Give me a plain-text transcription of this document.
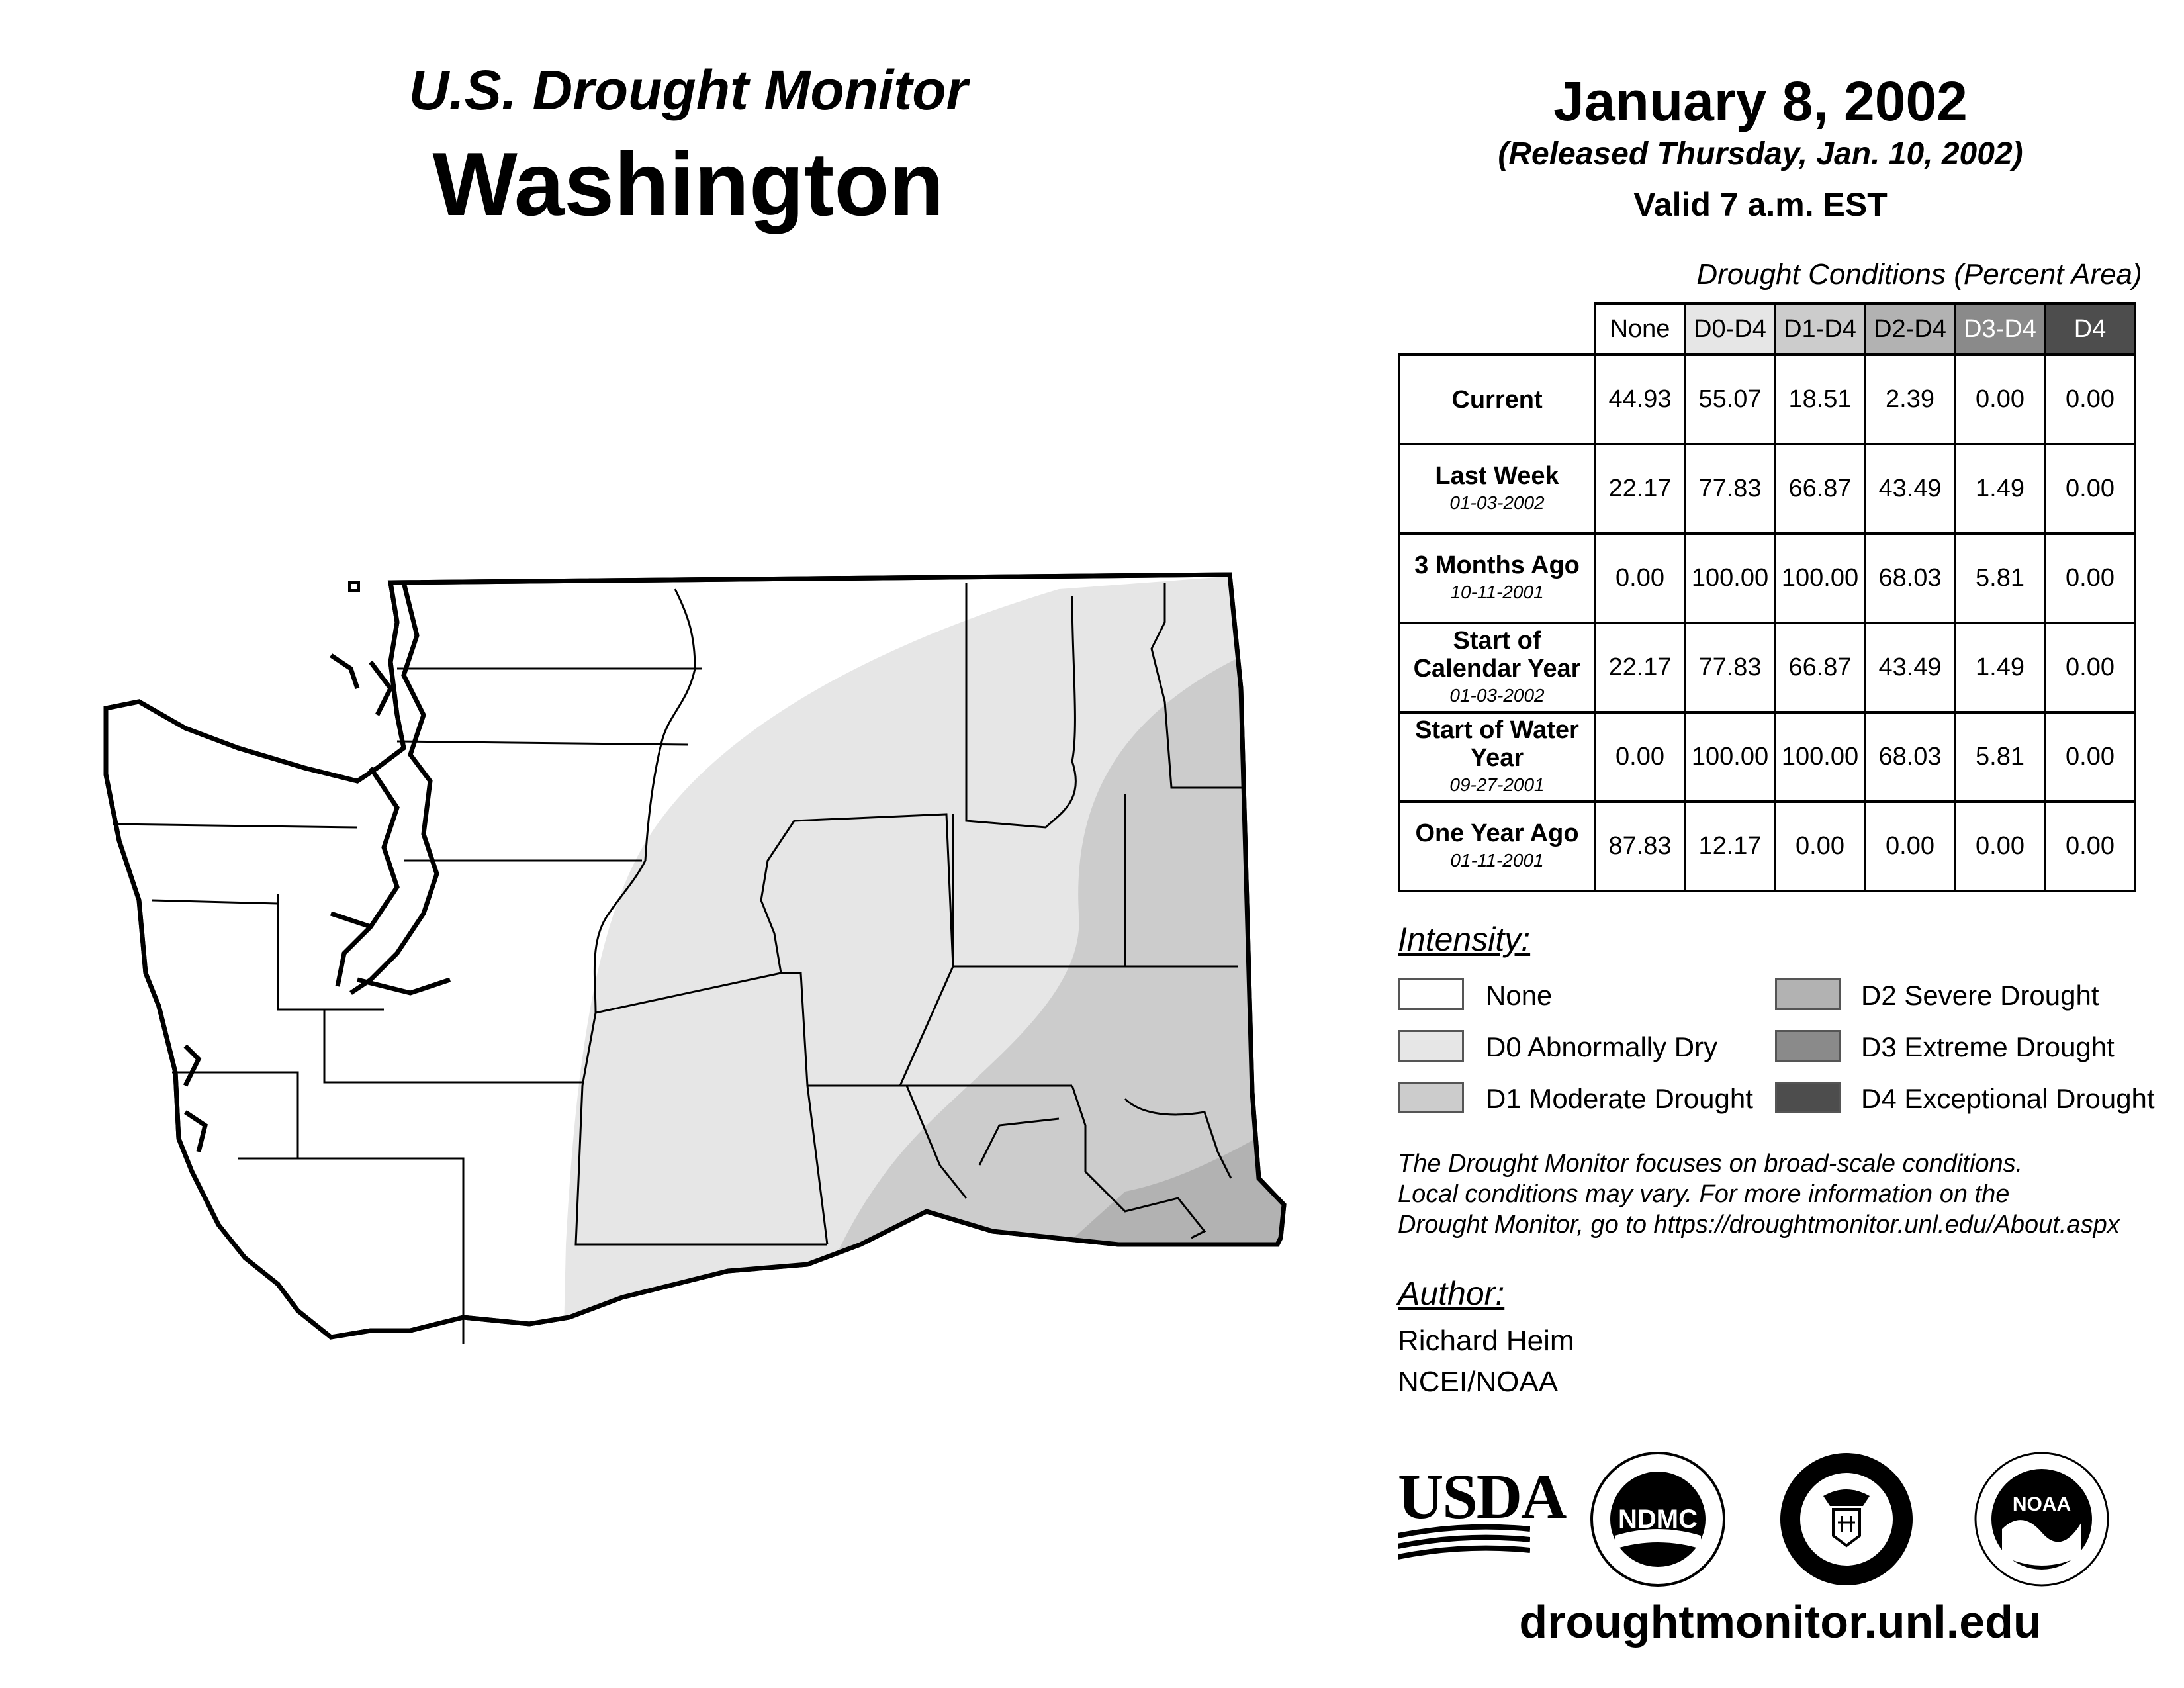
U.S. Drought Monitor
Washington
January 8, 2002
(Released Thursday, Jan. 10, 2002)
Valid 7 a.m. EST
Drought Conditions (Percent Area)
	None	D0-D4	D1-D4	D2-D4	D3-D4	D4

Current	44.93	55.07	18.51	2.39	0.00	0.00

Last Week
01-03-2002	22.17	77.83	66.87	43.49	1.49	0.00

3 Months Ago
10-11-2001	0.00	100.00	100.00	68.03	5.81	0.00

Start of Calendar Year
01-03-2002	22.17	77.83	66.87	43.49	1.49	0.00

Start of Water Year
09-27-2001	0.00	100.00	100.00	68.03	5.81	0.00

One Year Ago
01-11-2001	87.83	12.17	0.00	0.00	0.00	0.00
Intensity:
None
D0 Abnormally Dry
D1 Moderate Drought
D2 Severe Drought
D3 Extreme Drought
D4 Exceptional Drought
The Drought Monitor focuses on broad-scale conditions.
Local conditions may vary. For more information on the
Drought Monitor, go to https://droughtmonitor.unl.edu/About.aspx
Author:
Richard Heim
NCEI/NOAA
USDA NDMC
NOAA
droughtmonitor.unl.edu
